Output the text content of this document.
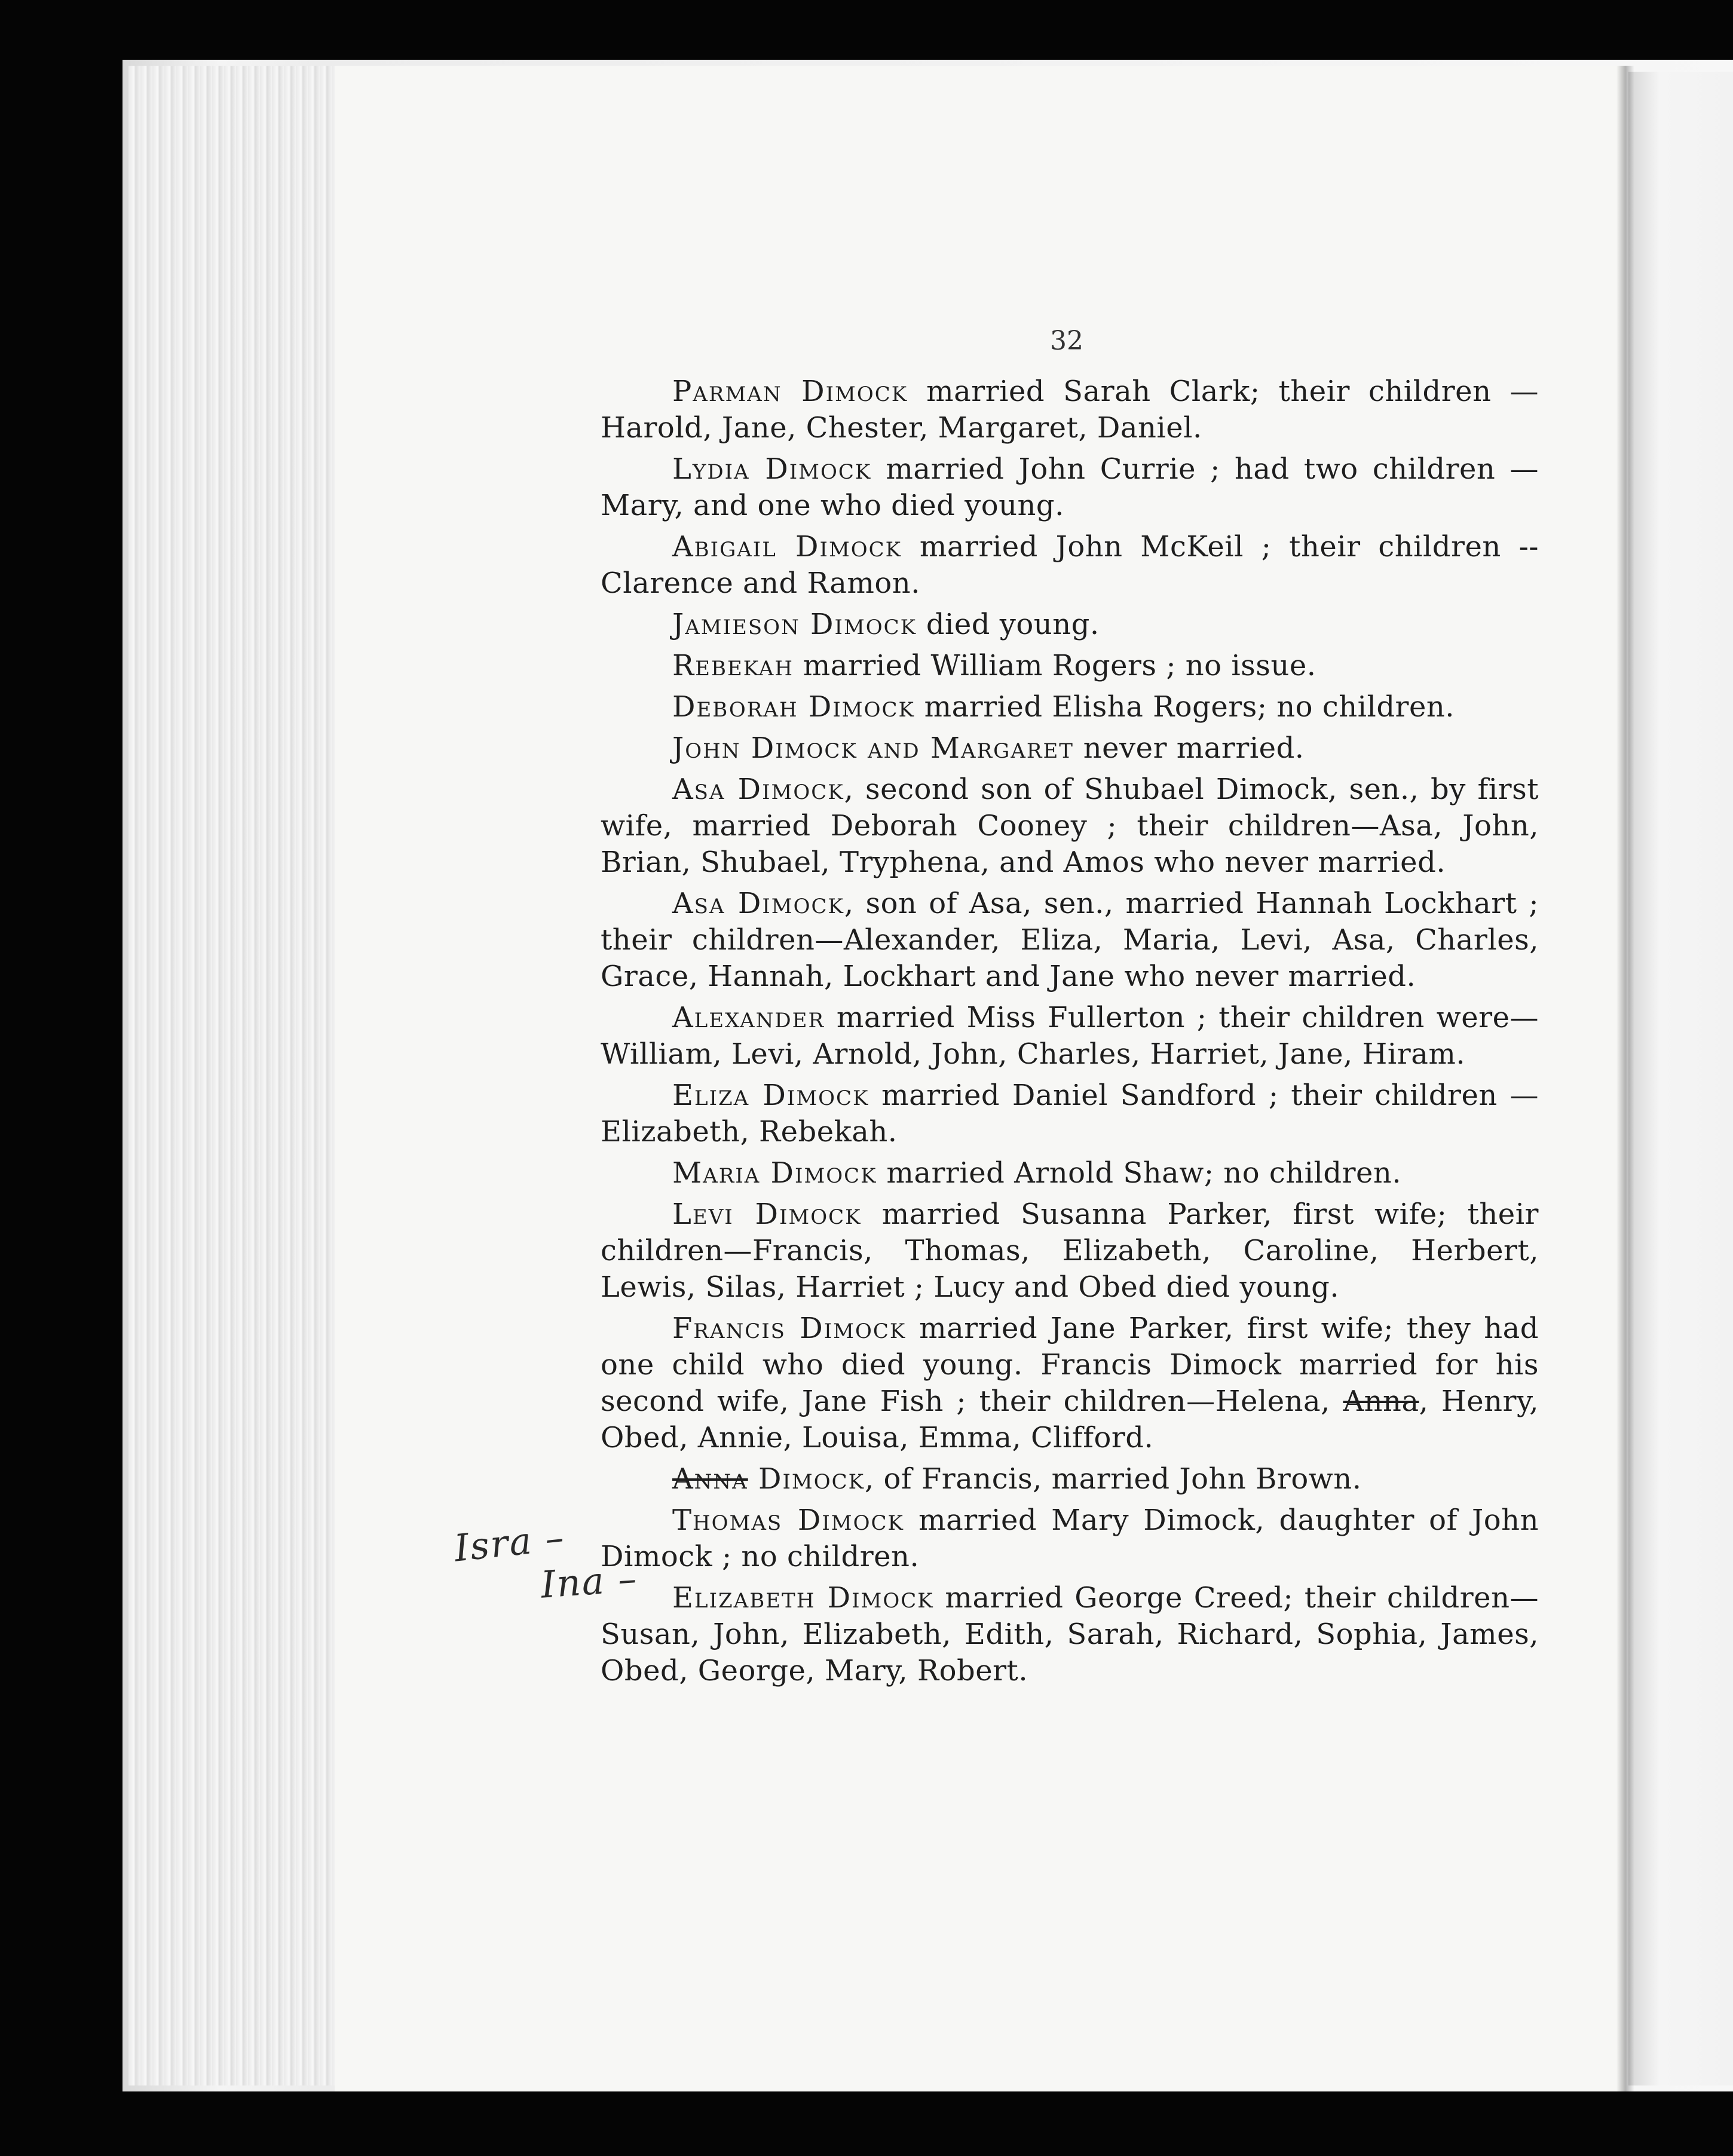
32
Isra –
Ina –

Parman Dimock married Sarah Clark; their children —Harold, Jane, Chester, Margaret, Daniel.

Lydia Dimock married John Currie ; had two children —Mary, and one who died young.

Abigail Dimock married John McKeil ; their children --Clarence and Ramon.

Jamieson Dimock died young.

Rebekah married William Rogers ; no issue.

Deborah Dimock married Elisha Rogers; no children.

John Dimock and Margaret never married.

Asa Dimock, second son of Shubael Dimock, sen., by first wife, married Deborah Cooney ; their children—Asa, John, Brian, Shubael, Tryphena, and Amos who never married.

Asa Dimock, son of Asa, sen., married Hannah Lockhart ; their children—Alexander, Eliza, Maria, Levi, Asa, Charles, Grace, Hannah, Lockhart and Jane who never married.

Alexander married Miss Fullerton ; their children were—William, Levi, Arnold, John, Charles, Harriet, Jane, Hiram.

Eliza Dimock married Daniel Sandford ; their children —Elizabeth, Rebekah.

Maria Dimock married Arnold Shaw; no children.

Levi Dimock married Susanna Parker, first wife; their children—Francis, Thomas, Elizabeth, Caroline, Herbert, Lewis, Silas, Harriet ; Lucy and Obed died young.

Francis Dimock married Jane Parker, first wife; they had one child who died young. Francis Dimock married for his second wife, Jane Fish ; their children—Helena, Anna, Henry, Obed, Annie, Louisa, Emma, Clifford.

Anna Dimock, of Francis, married John Brown.

Thomas Dimock married Mary Dimock, daughter of John Dimock ; no children.

Elizabeth Dimock married George Creed; their children—Susan, John, Elizabeth, Edith, Sarah, Richard, Sophia, James, Obed, George, Mary, Robert.
